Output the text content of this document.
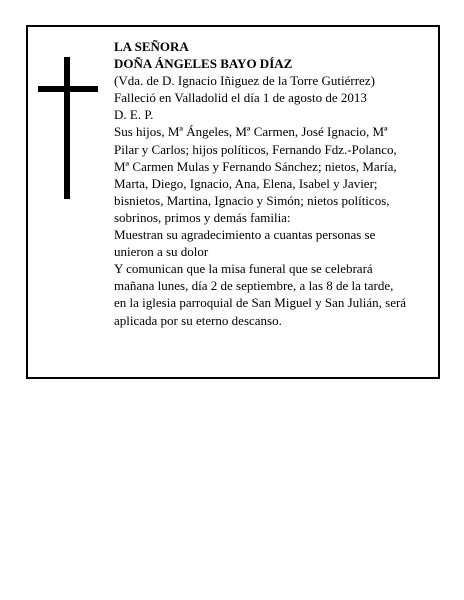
LA SEÑORA
DOÑA ÁNGELES BAYO DÍAZ
(Vda. de D. Ignacio Iñiguez de la Torre Gutiérrez)
Falleció en Valladolid el día 1 de agosto de 2013
D. E. P.
Sus hijos, Mª Ángeles, Mª Carmen, José Ignacio, Mª
Pilar y Carlos; hijos políticos, Fernando Fdz.-Polanco,
Mª Carmen Mulas y Fernando Sánchez; nietos, María,
Marta, Diego, Ignacio, Ana, Elena, Isabel y Javier;
bisnietos, Martina, Ignacio y Simón; nietos políticos,
sobrinos, primos y demás familia:
Muestran su agradecimiento a cuantas personas se
unieron a su dolor
Y comunican que la misa funeral que se celebrará
mañana lunes, día 2 de septiembre, a las 8 de la tarde,
en la iglesia parroquial de San Miguel y San Julián, será
aplicada por su eterno descanso.
